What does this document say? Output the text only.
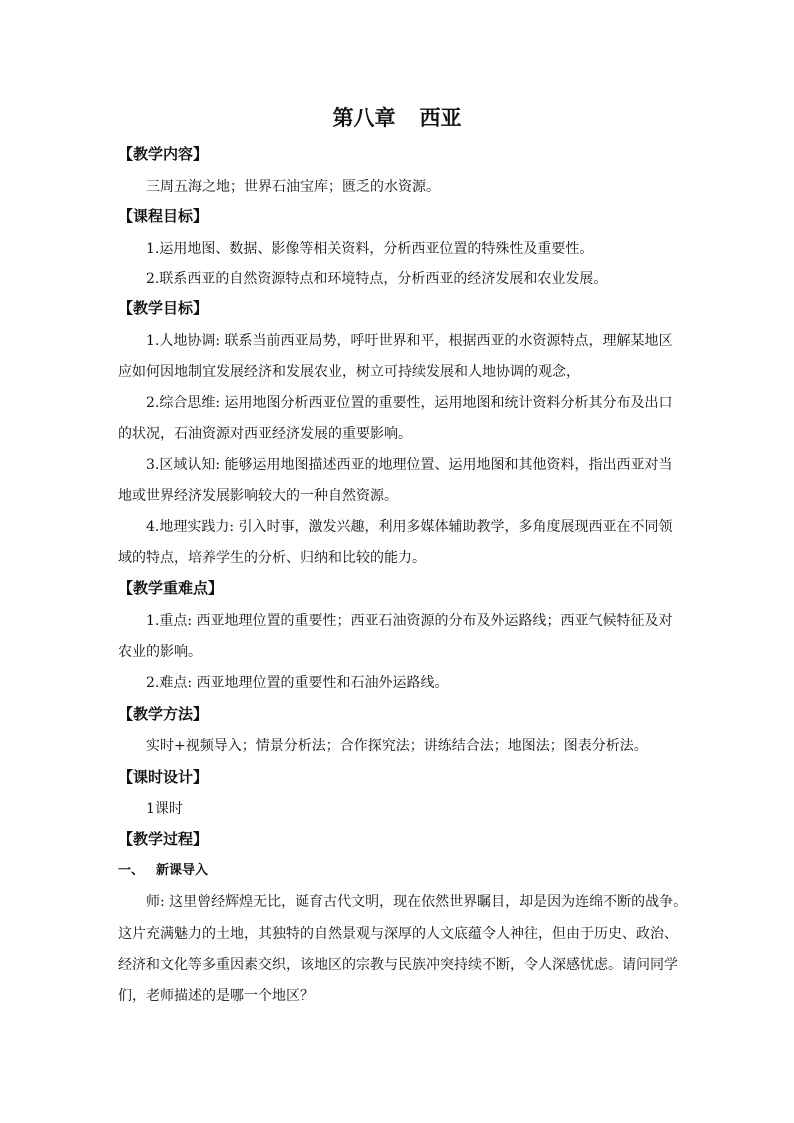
第八章 西亚
【教学内容】
三周五海之地；世界石油宝库；匮乏的水资源。
【课程目标】
1.运用地图、数据、影像等相关资料，分析西亚位置的特殊性及重要性。
2.联系西亚的自然资源特点和环境特点，分析西亚的经济发展和农业发展。
【教学目标】
1.人地协调: 联系当前西亚局势，呼吁世界和平，根据西亚的水资源特点，理解某地区
应如何因地制宜发展经济和发展农业，树立可持续发展和人地协调的观念，
2.综合思维: 运用地图分析西亚位置的重要性，运用地图和统计资料分析其分布及出口
的状况，石油资源对西亚经济发展的重要影响。
3.区域认知: 能够运用地图描述西亚的地理位置、运用地图和其他资料，指出西亚对当
地或世界经济发展影响较大的一种自然资源。
4.地理实践力: 引入时事，激发兴趣，利用多媒体辅助教学，多角度展现西亚在不同领
域的特点，培养学生的分析、归纳和比较的能力。
【教学重难点】
1.重点: 西亚地理位置的重要性；西亚石油资源的分布及外运路线；西亚气候特征及对
农业的影响。
2.难点: 西亚地理位置的重要性和石油外运路线。
【教学方法】
实时+视频导入；情景分析法；合作探究法；讲练结合法；地图法；图表分析法。
【课时设计】
1课时
【教学过程】
一、 新课导入
师: 这里曾经辉煌无比，诞育古代文明，现在依然世界瞩目，却是因为连绵不断的战争。
这片充满魅力的土地，其独特的自然景观与深厚的人文底蕴令人神往，但由于历史、政治、
经济和文化等多重因素交织，该地区的宗教与民族冲突持续不断，令人深感忧虑。请问同学
们，老师描述的是哪一个地区？
